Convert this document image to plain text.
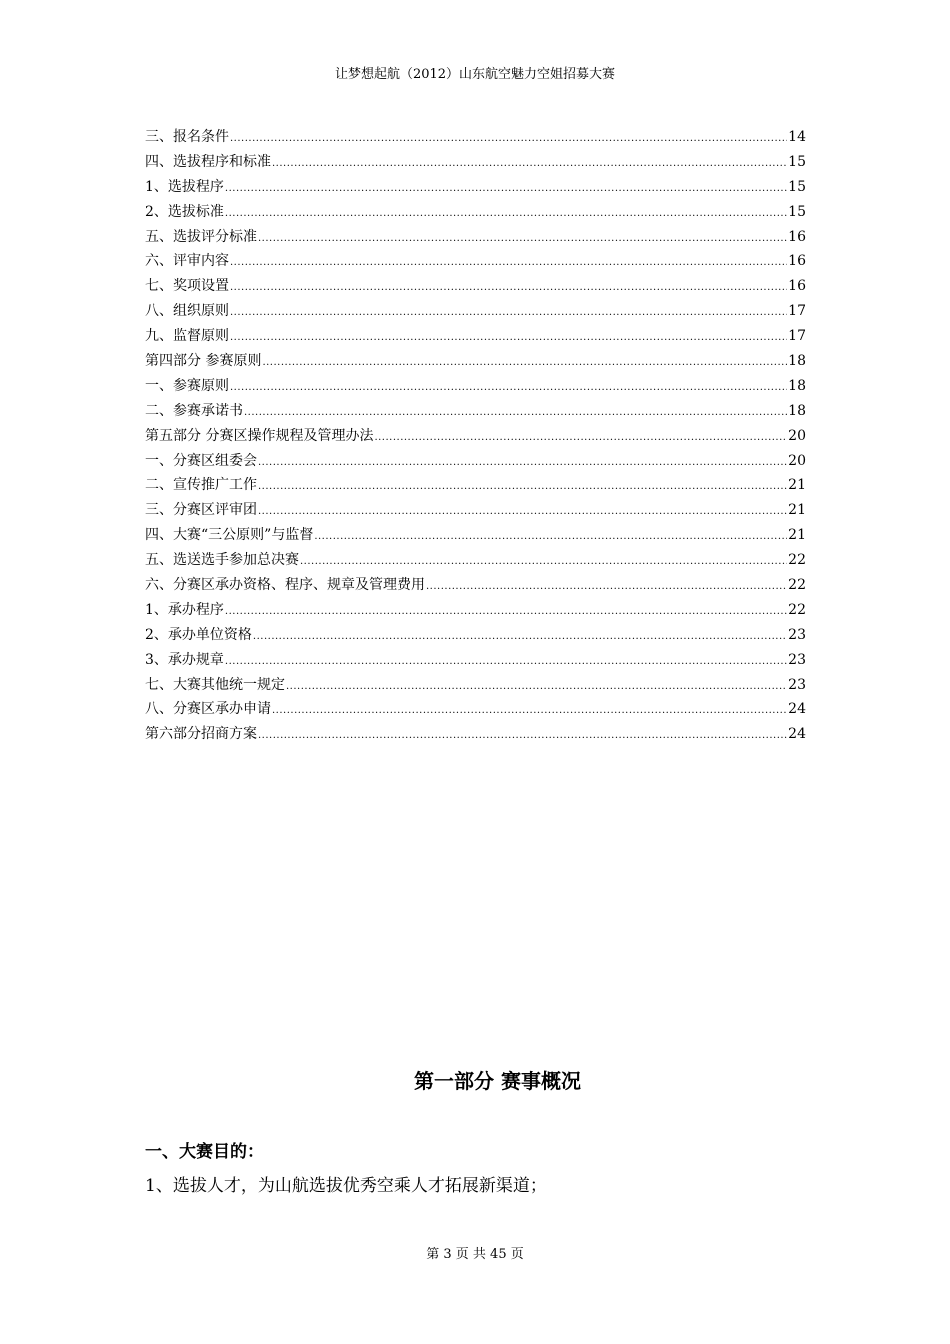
让梦想起航（2012）山东航空魅力空姐招募大赛
三、报名条件 .....	14
四、选拔程序和标准 .....	15
1、选拔程序 .....	15
2、选拔标准 .....	15
五、选拔评分标准 .....	16
六、评审内容 .....	16
七、奖项设置 .....	16
八、组织原则 .....	17
九、监督原则 .....	17
第四部分 参赛原则 .....	18
一、参赛原则 .....	18
二、参赛承诺书 .....	18
第五部分 分赛区操作规程及管理办法 .....	20
一、分赛区组委会 .....	20
二、宣传推广工作 .....	21
三、分赛区评审团 .....	21
四、大赛“三公原则”与监督 .....	21
五、选送选手参加总决赛 .....	22
六、分赛区承办资格、程序、规章及管理费用 .....	22
1、承办程序 .....	22
2、承办单位资格 .....	23
3、承办规章 .....	23
七、大赛其他统一规定 .....	23
八、分赛区承办申请 .....	24
第六部分招商方案 .....	24
第一部分 赛事概况
一、大赛目的：

1、选拔人才，为山航选拔优秀空乘人才拓展新渠道；

第 3 页 共 45 页
